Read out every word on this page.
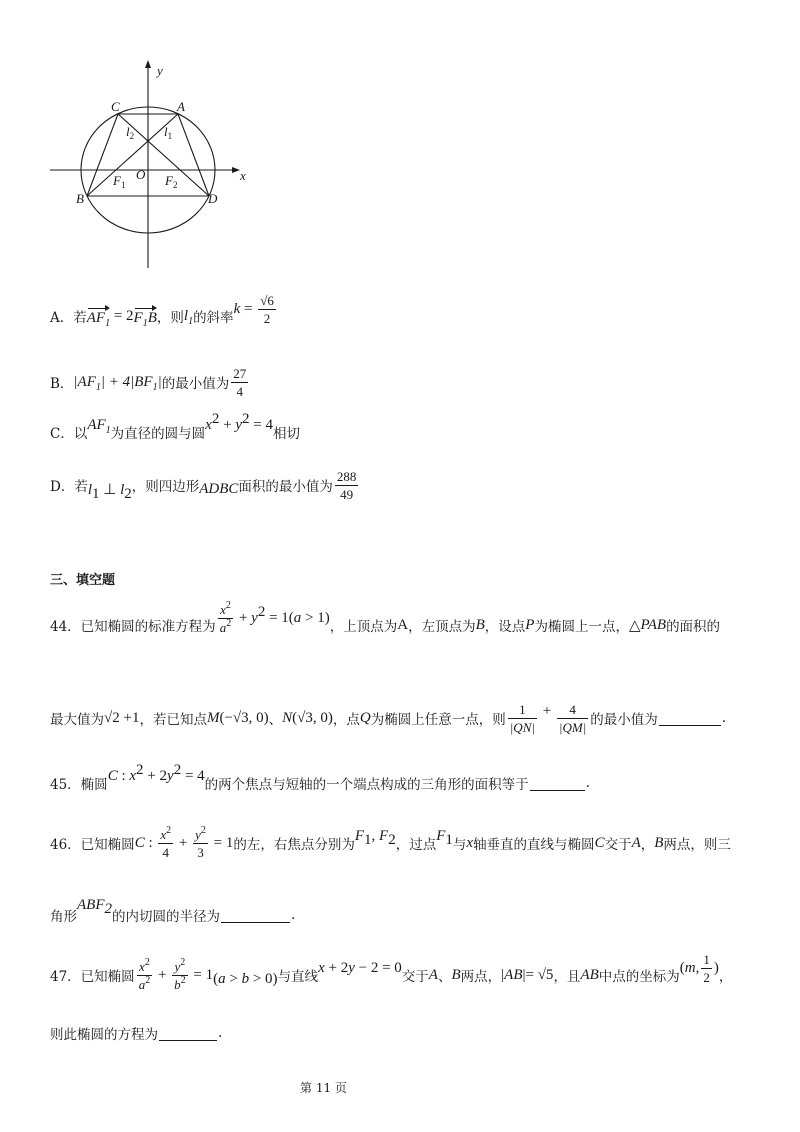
y
x
C	A
B	D
O
$l_2$ $l_1$
$F_1$	$F_2$
A．若 $AF_1 = 2$ $F_1B$ ，则 $l_1$ 的斜率
$k = \frac{√6}{2}$
B． $|AF_1| + 4|BF_1|$ 的最小值为 $\frac{27}{4}$
C．以
$AF_1$ 为直径的圆与圆
$x^2 + y^2 = 4$
相切
D．若 $l_1$ ⊥ $l_2$ ，则四边形 ADBC 面积的最小值为 $\frac{288}{49}$
三、填空题
44．已知椭圆的标准方程为 $\frac{x^2}{a^2} + y^2 = 1$ (a > 1)
，上顶点为 A ，左顶点为 B ，设点 P 为椭圆上一点， △ PAB 的面积的
最大值为 √2 +1 ，若已知点 M (−√3, 0) 、 N (√3, 0) ，点 Q 为椭圆上任意一点，则 $\frac{1}{|QN|} + \frac{4}{|QM|}$ 的最小值为	.
45．椭圆
C : $x^2 + 2y^2 = 4$
的两个焦点与短轴的一个端点构成的三角形的面积等于	.
46．已知椭圆 C : $\frac{x^2}{4} + \frac{y^2}{3} = 1$ 的左，右焦点分别为
$F_1$, $F_2$ ，过点
$F_1$ 与 x 轴垂直的直线与椭圆 C 交于 A ， B 两点，则三
角形
$ABF_2$
的内切圆的半径为	.
47．已知椭圆 $\frac{x^2}{a^2} + \frac{y^2}{b^2} = 1$ (a > b > 0) 与直线
x + 2y − 2 = 0
交于 A 、 B 两点， |AB|= √5 ，且 AB 中点的坐标为
( m , $\frac{1}{2}$ )
，
则此椭圆的方程为	.
第 11 页
